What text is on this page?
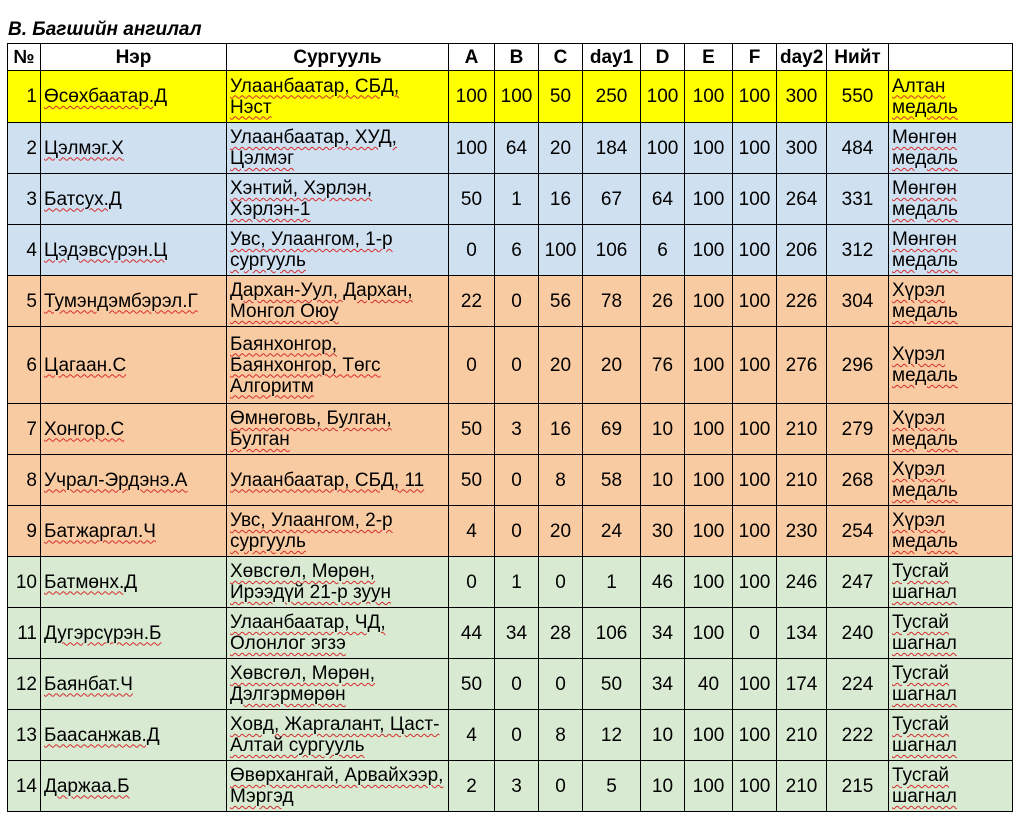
B. Багшийн ангилал
№	Нэр	Сургууль	A	B	C	day1	D	E	F	day2	Нийт	
1	Өсөхбаатар.Д	Улаанбаатар, СБД, Нэст	100	100	50	250	100	100	100	300	550	Алтан медаль
2	Цэлмэг.Х	Улаанбаатар, ХУД, Цэлмэг	100	64	20	184	100	100	100	300	484	Мөнгөн медаль
3	Батсух.Д	Хэнтий, Хэрлэн, Хэрлэн-1	50	1	16	67	64	100	100	264	331	Мөнгөн медаль
4	Цэдэвсүрэн.Ц	Увс, Улаангом, 1-р сургууль	0	6	100	106	6	100	100	206	312	Мөнгөн медаль
5	Тумэндэмбэрэл.Г	Дархан-Уул, Дархан, Монгол Оюу	22	0	56	78	26	100	100	226	304	Хүрэл медаль
6	Цагаан.С	Баянхонгор, Баянхонгор, Төгс Алгоритм	0	0	20	20	76	100	100	276	296	Хүрэл медаль
7	Хонгор.С	Өмнөговь, Булган, Булган	50	3	16	69	10	100	100	210	279	Хүрэл медаль
8	Учрал-Эрдэнэ.А	Улаанбаатар, СБД, 11	50	0	8	58	10	100	100	210	268	Хүрэл медаль
9	Батжаргал.Ч	Увс, Улаангом, 2-р сургууль	4	0	20	24	30	100	100	230	254	Хүрэл медаль
10	Батмөнх.Д	Хөвсгөл, Мөрөн, Ирээдүй 21-р зуун	0	1	0	1	46	100	100	246	247	Тусгай шагнал
11	Дугэрсүрэн.Б	Улаанбаатар, ЧД, Олонлог эгзэ	44	34	28	106	34	100	0	134	240	Тусгай шагнал
12	Баянбат.Ч	Хөвсгөл, Мөрөн, Дэлгэрмөрөн	50	0	0	50	34	40	100	174	224	Тусгай шагнал
13	Баасанжав.Д	Ховд, Жаргалант, Цаст-Алтай сургууль	4	0	8	12	10	100	100	210	222	Тусгай шагнал
14	Даржаа.Б	Өвөрхангай, Арвайхээр, Мэргэд	2	3	0	5	10	100	100	210	215	Тусгай шагнал
